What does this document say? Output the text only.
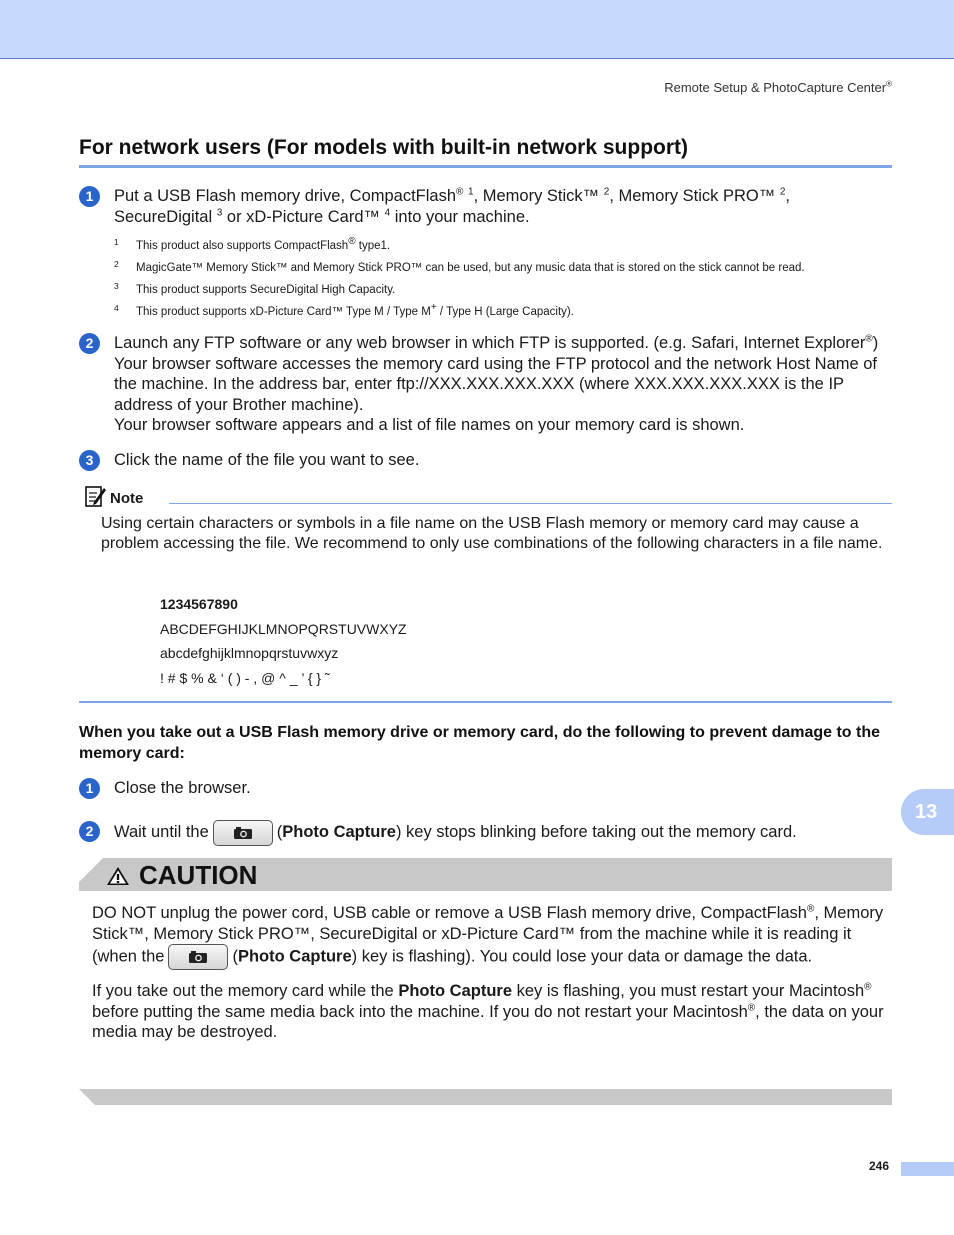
Remote Setup & PhotoCapture Center®
For network users (For models with built-in network support)
1	Put a USB Flash memory drive, CompactFlash® $^1$, Memory Stick™ $^2$, Memory Stick PRO™ $^2$,
SecureDigital $^3$ or xD-Picture Card™ $^4$ into your machine.
1 This product also supports CompactFlash® type1.
2 MagicGate™ Memory Stick™ and Memory Stick PRO™ can be used, but any music data that is stored on the stick cannot be read.
3 This product supports SecureDigital High Capacity.
4 This product supports xD-Picture Card™ Type M / Type M+ / Type H (Large Capacity).
2	Launch any FTP software or any web browser in which FTP is supported. (e.g. Safari, Internet Explorer®)
Your browser software accesses the memory card using the FTP protocol and the network Host Name of the machine. In the address bar, enter ftp://XXX.XXX.XXX.XXX (where XXX.XXX.XXX.XXX is the IP address of your Brother machine).
Your browser software appears and a list of file names on your memory card is shown.
3	Click the name of the file you want to see.
Note
Using certain characters or symbols in a file name on the USB Flash memory or memory card may cause a problem accessing the file. We recommend to only use combinations of the following characters in a file name.
1234567890
ABCDEFGHIJKLMNOPQRSTUVWXYZ
abcdefghijklmnopqrstuvwxyz
! # $ % & ‘ ( ) - , @ ^ _ ’ { } ˜
When you take out a USB Flash memory drive or memory card, do the following to prevent damage to the memory card:
1	Close the browser.
2	Wait until the	(Photo Capture) key stops blinking before taking out the memory card.
13
CAUTION

DO NOT unplug the power cord, USB cable or remove a USB Flash memory drive, CompactFlash®, Memory Stick™, Memory Stick PRO™, SecureDigital or xD-Picture Card™ from the machine while it is reading it (when the	(Photo Capture) key is flashing). You could lose your data or damage the data.

If you take out the memory card while the Photo Capture key is flashing, you must restart your Macintosh® before putting the same media back into the machine. If you do not restart your Macintosh®, the data on your media may be destroyed.

246
